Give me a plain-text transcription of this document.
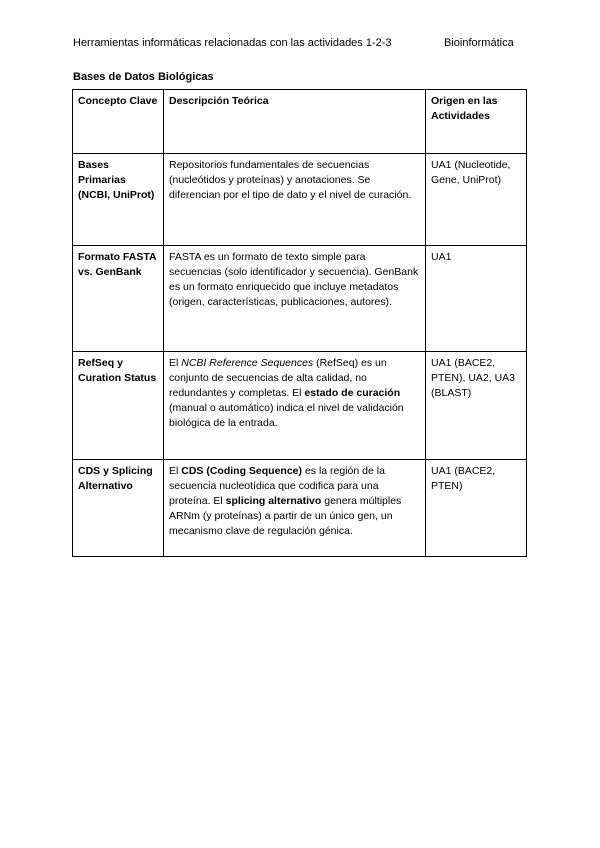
Herramientas informáticas relacionadas con las actividades 1-2-3	Bioinformática
Bases de Datos Biológicas
Concepto Clave	Descripción Teórica	Origen en las Actividades
Bases Primarias (NCBI, UniProt)	Repositorios fundamentales de secuencias (nucleótidos y proteínas) y anotaciones. Se diferencian por el tipo de dato y el nivel de curación.	UA1 (Nucleotide, Gene, UniProt)
Formato FASTA vs. GenBank	FASTA es un formato de texto simple para secuencias (solo identificador y secuencia). GenBank es un formato enriquecido que incluye metadatos (origen, características, publicaciones, autores).	UA1
RefSeq y Curation Status	El NCBI Reference Sequences (RefSeq) es un conjunto de secuencias de alta calidad, no redundantes y completas. El estado de curación (manual o automático) indica el nivel de validación biológica de la entrada.	UA1 (BACE2, PTEN), UA2, UA3 (BLAST)
CDS y Splicing Alternativo	El CDS (Coding Sequence) es la región de la secuencia nucleotídica que codifica para una proteína. El splicing alternativo genera múltiples ARNm (y proteínas) a partir de un único gen, un mecanismo clave de regulación génica.	UA1 (BACE2, PTEN)
